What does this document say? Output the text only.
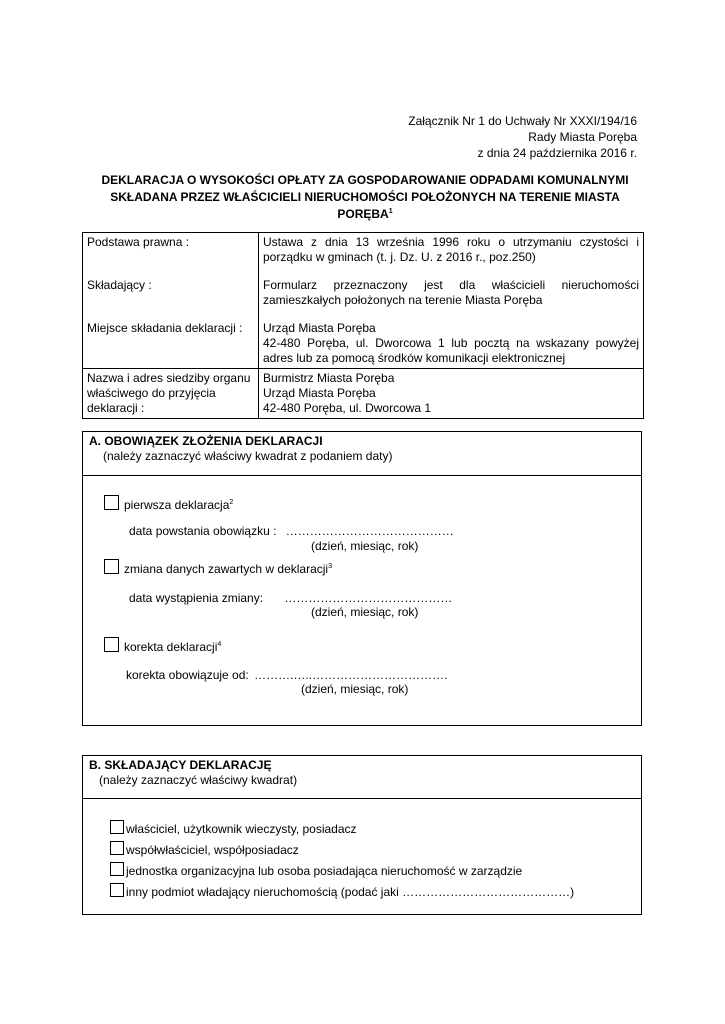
Załącznik Nr 1 do Uchwały Nr XXXI/194/16
Rady Miasta Poręba
z dnia 24 października 2016 r.
DEKLARACJA O WYSOKOŚCI OPŁATY ZA GOSPODAROWANIE ODPADAMI KOMUNALNYMI
SKŁADANA PRZEZ WŁAŚCICIELI NIERUCHOMOŚCI POŁOŻONYCH NA TERENIE MIASTA
PORĘBA$^1$
Podstawa prawna :
Składający :
Miejsce składania deklaracji :
Ustawa z dnia 13 września 1996 roku o utrzymaniu czystości i porządku w gminach (t. j. Dz. U. z 2016 r., poz.250)
Formularz przeznaczony jest dla właścicieli nieruchomości zamieszkałych położonych na terenie Miasta Poręba
Urząd Miasta Poręba
42-480 Poręba, ul. Dworcowa 1 lub pocztą na wskazany powyżej adres lub za pomocą środków komunikacji elektronicznej
Nazwa i adres siedziby organu właściwego do przyjęcia deklaracji :
Burmistrz Miasta Poręba
Urząd Miasta Poręba
42-480 Poręba, ul. Dworcowa 1
A. OBOWIĄZEK ZŁOŻENIA DEKLARACJI
(należy zaznaczyć właściwy kwadrat z podaniem daty)
pierwsza deklaracja$^2$
data powstania obowiązku : ……………………………………
(dzień, miesiąc, rok)
zmiana danych zawartych w deklaracji$^3$
data wystąpienia zmiany: ……………………………………
(dzień, miesiąc, rok)
korekta deklaracji$^4$
korekta obowiązuje od: ……….…..…………………………….
(dzień, miesiąc, rok)
B. SKŁADAJĄCY DEKLARACJĘ
(należy zaznaczyć właściwy kwadrat)
właściciel, użytkownik wieczysty, posiadacz
współwłaściciel, współposiadacz
jednostka organizacyjna lub osoba posiadająca nieruchomość w zarządzie
inny podmiot władający nieruchomością (podać jaki ……………………………………)
